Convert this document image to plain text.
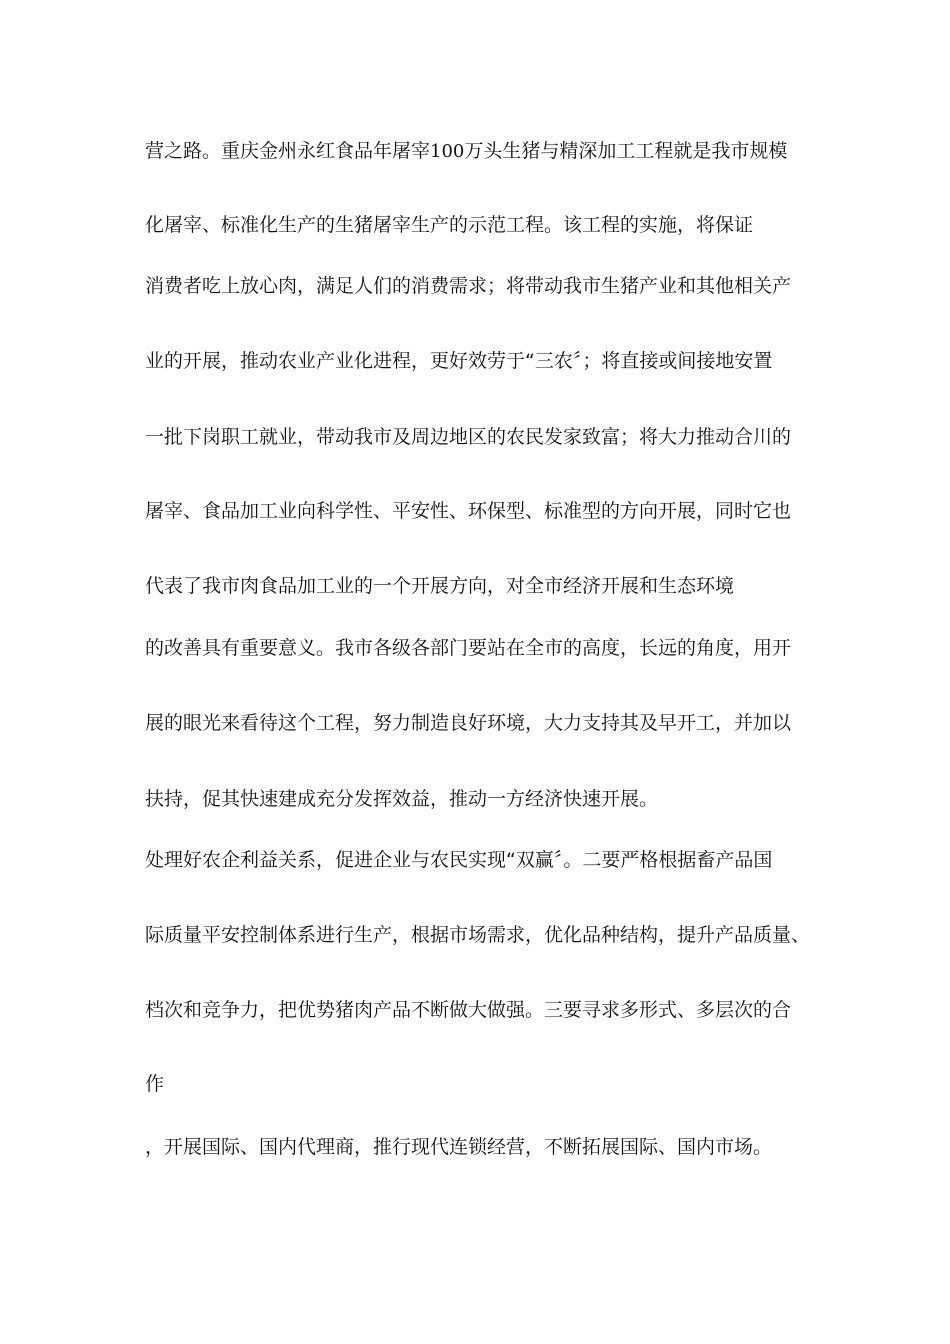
营之路。重庆金州永红食品年屠宰100万头生猪与精深加工工程就是我市规模
化屠宰、标准化生产的生猪屠宰生产的示范工程。该工程的实施，将保证
消费者吃上放心肉，满足人们的消费需求；将带动我市生猪产业和其他相关产
业的开展，推动农业产业化进程，更好效劳于“三农〞；将直接或间接地安置
一批下岗职工就业，带动我市及周边地区的农民发家致富；将大力推动合川的
屠宰、食品加工业向科学性、平安性、环保型、标准型的方向开展，同时它也
代表了我市肉食品加工业的一个开展方向，对全市经济开展和生态环境
的改善具有重要意义。我市各级各部门要站在全市的高度，长远的角度，用开
展的眼光来看待这个工程，努力制造良好环境，大力支持其及早开工，并加以
扶持，促其快速建成充分发挥效益，推动一方经济快速开展。
处理好农企利益关系，促进企业与农民实现“双赢〞。二要严格根据畜产品国
际质量平安控制体系进行生产，根据市场需求，优化品种结构，提升产品质量、
档次和竞争力，把优势猪肉产品不断做大做强。三要寻求多形式、多层次的合
作
，开展国际、国内代理商，推行现代连锁经营，不断拓展国际、国内市场。
